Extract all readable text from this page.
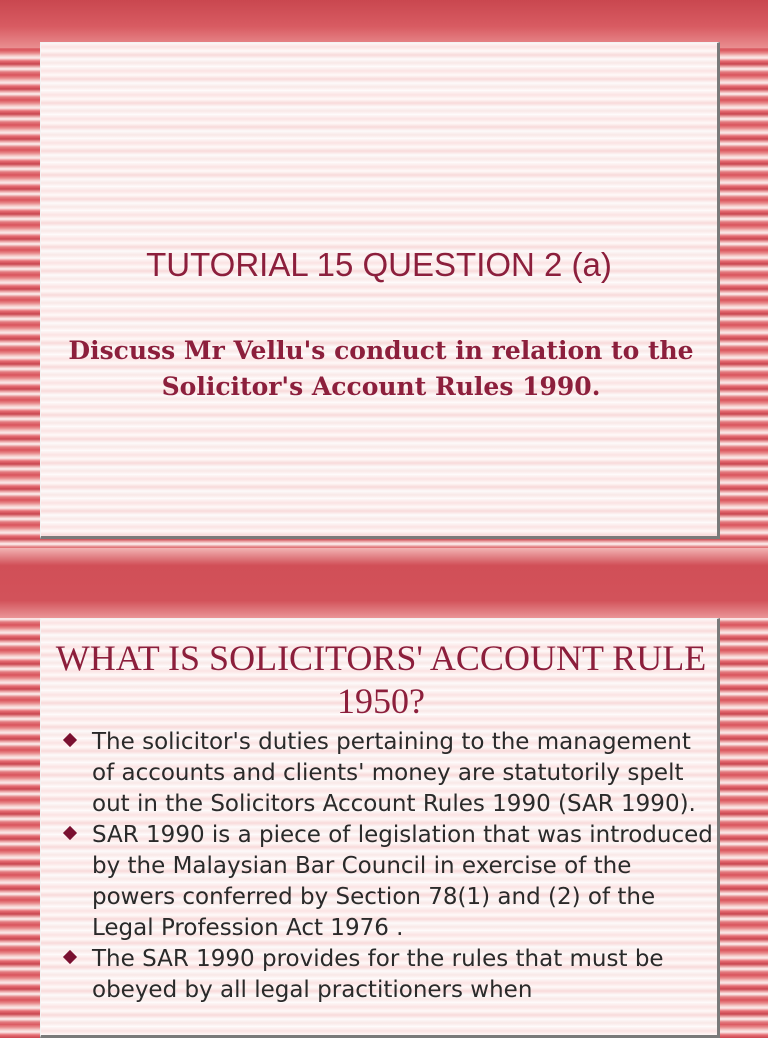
TUTORIAL 15 QUESTION 2 (a)

Discuss Mr Vellu's conduct in relation to the Solicitor's Account Rules 1990.

WHAT IS SOLICITORS' ACCOUNT RULE 1950?
The solicitor's duties pertaining to the management of accounts and clients' money are statutorily spelt out in the Solicitors Account Rules 1990 (SAR 1990).
SAR 1990 is a piece of legislation that was introduced by the Malaysian Bar Council in exercise of the powers conferred by Section 78(1) and (2) of the Legal Profession Act 1976 .
The SAR 1990 provides for the rules that must be obeyed by all legal practitioners when
